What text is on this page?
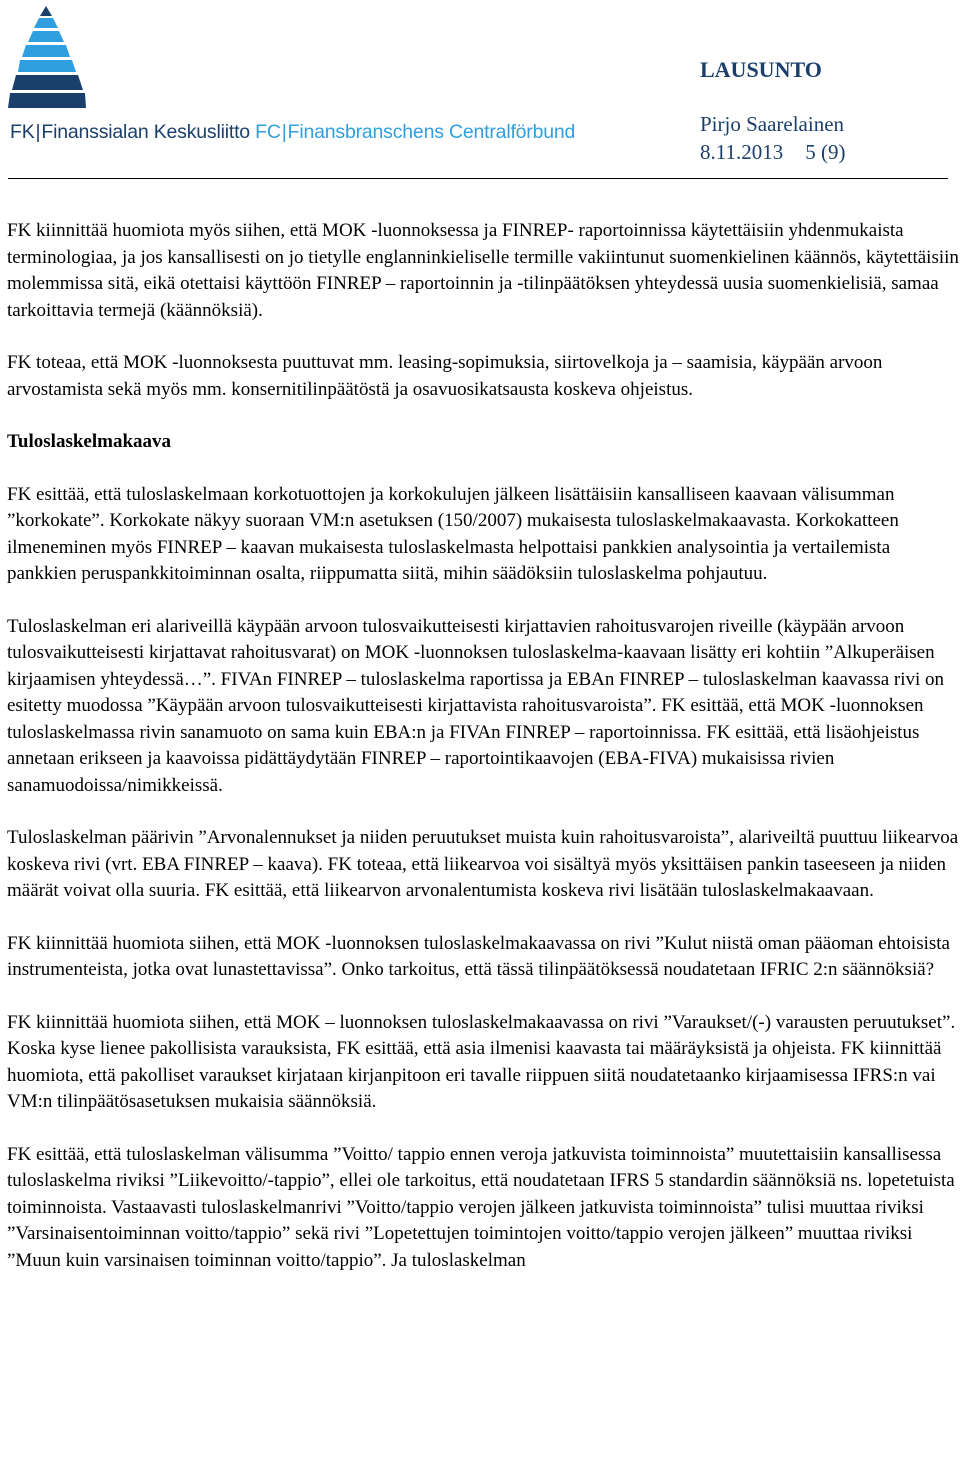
FK|Finanssialan Keskusliitto FC|Finansbranschens Centralförbund
LAUSUNTO
Pirjo Saarelainen
8.11.2013 5 (9)

FK kiinnittää huomiota myös siihen, että MOK -luonnoksessa ja FINREP- raportoinnissa käytettäisiin yhdenmukaista terminologiaa, ja jos kansallisesti on jo tietylle englanninkieliselle termille vakiintunut suomenkielinen käännös, käytettäisiin molemmissa sitä, eikä otettaisi käyttöön FINREP – raportoinnin ja -tilinpäätöksen yhteydessä uusia suomenkielisiä, samaa tarkoittavia termejä (käännöksiä).

FK toteaa, että MOK -luonnoksesta puuttuvat mm. leasing-sopimuksia, siirtovelkoja ja – saamisia, käypään arvoon arvostamista sekä myös mm. konsernitilinpäätöstä ja osavuosikatsausta koskeva ohjeistus.

Tuloslaskelmakaava

FK esittää, että tuloslaskelmaan korkotuottojen ja korkokulujen jälkeen lisättäisiin kansalliseen kaavaan välisumman ”korkokate”. Korkokate näkyy suoraan VM:n asetuksen (150/2007) mukaisesta tuloslaskelmakaavasta. Korkokatteen ilmeneminen myös FINREP – kaavan mukaisesta tuloslaskelmasta helpottaisi pankkien analysointia ja vertailemista pankkien peruspankkitoiminnan osalta, riippumatta siitä, mihin säädöksiin tuloslaskelma pohjautuu.

Tuloslaskelman eri alariveillä käypään arvoon tulosvaikutteisesti kirjattavien rahoitusvarojen riveille (käypään arvoon tulosvaikutteisesti kirjattavat rahoitusvarat) on MOK -luonnoksen tuloslaskelma-kaavaan lisätty eri kohtiin ”Alkuperäisen kirjaamisen yhteydessä…”. FIVAn FINREP – tuloslaskelma raportissa ja EBAn FINREP – tuloslaskelman kaavassa rivi on esitetty muodossa ”Käypään arvoon tulosvaikutteisesti kirjattavista rahoitusvaroista”. FK esittää, että MOK -luonnoksen tuloslaskelmassa rivin sanamuoto on sama kuin EBA:n ja FIVAn FINREP – raportoinnissa. FK esittää, että lisäohjeistus annetaan erikseen ja kaavoissa pidättäydytään FINREP – raportointikaavojen (EBA-FIVA) mukaisissa rivien sanamuodoissa/nimikkeissä.

Tuloslaskelman päärivin ”Arvonalennukset ja niiden peruutukset muista kuin rahoitusvaroista”, alariveiltä puuttuu liikearvoa koskeva rivi (vrt. EBA FINREP – kaava). FK toteaa, että liikearvoa voi sisältyä myös yksittäisen pankin taseeseen ja niiden määrät voivat olla suuria. FK esittää, että liikearvon arvonalentumista koskeva rivi lisätään tuloslaskelmakaavaan.

FK kiinnittää huomiota siihen, että MOK -luonnoksen tuloslaskelmakaavassa on rivi ”Kulut niistä oman pääoman ehtoisista instrumenteista, jotka ovat lunastettavissa”. Onko tarkoitus, että tässä tilinpäätöksessä noudatetaan IFRIC 2:n säännöksiä?

FK kiinnittää huomiota siihen, että MOK – luonnoksen tuloslaskelmakaavassa on rivi ”Varaukset/(-) varausten peruutukset”. Koska kyse lienee pakollisista varauksista, FK esittää, että asia ilmenisi kaavasta tai määräyksistä ja ohjeista. FK kiinnittää huomiota, että pakolliset varaukset kirjataan kirjanpitoon eri tavalle riippuen siitä noudatetaanko kirjaamisessa IFRS:n vai VM:n tilinpäätösasetuksen mukaisia säännöksiä.

FK esittää, että tuloslaskelman välisumma ”Voitto/ tappio ennen veroja jatkuvista toiminnoista” muutettaisiin kansallisessa tuloslaskelma riviksi ”Liikevoitto/-tappio”, ellei ole tarkoitus, että noudatetaan IFRS 5 standardin säännöksiä ns. lopetetuista toiminnoista. Vastaavasti tuloslaskelmanrivi ”Voitto/tappio verojen jälkeen jatkuvista toiminnoista” tulisi muuttaa riviksi ”Varsinaisentoiminnan voitto/tappio” sekä rivi ”Lopetettujen toimintojen voitto/tappio verojen jälkeen” muuttaa riviksi ”Muun kuin varsinaisen toiminnan voitto/tappio”. Ja tuloslaskelman
